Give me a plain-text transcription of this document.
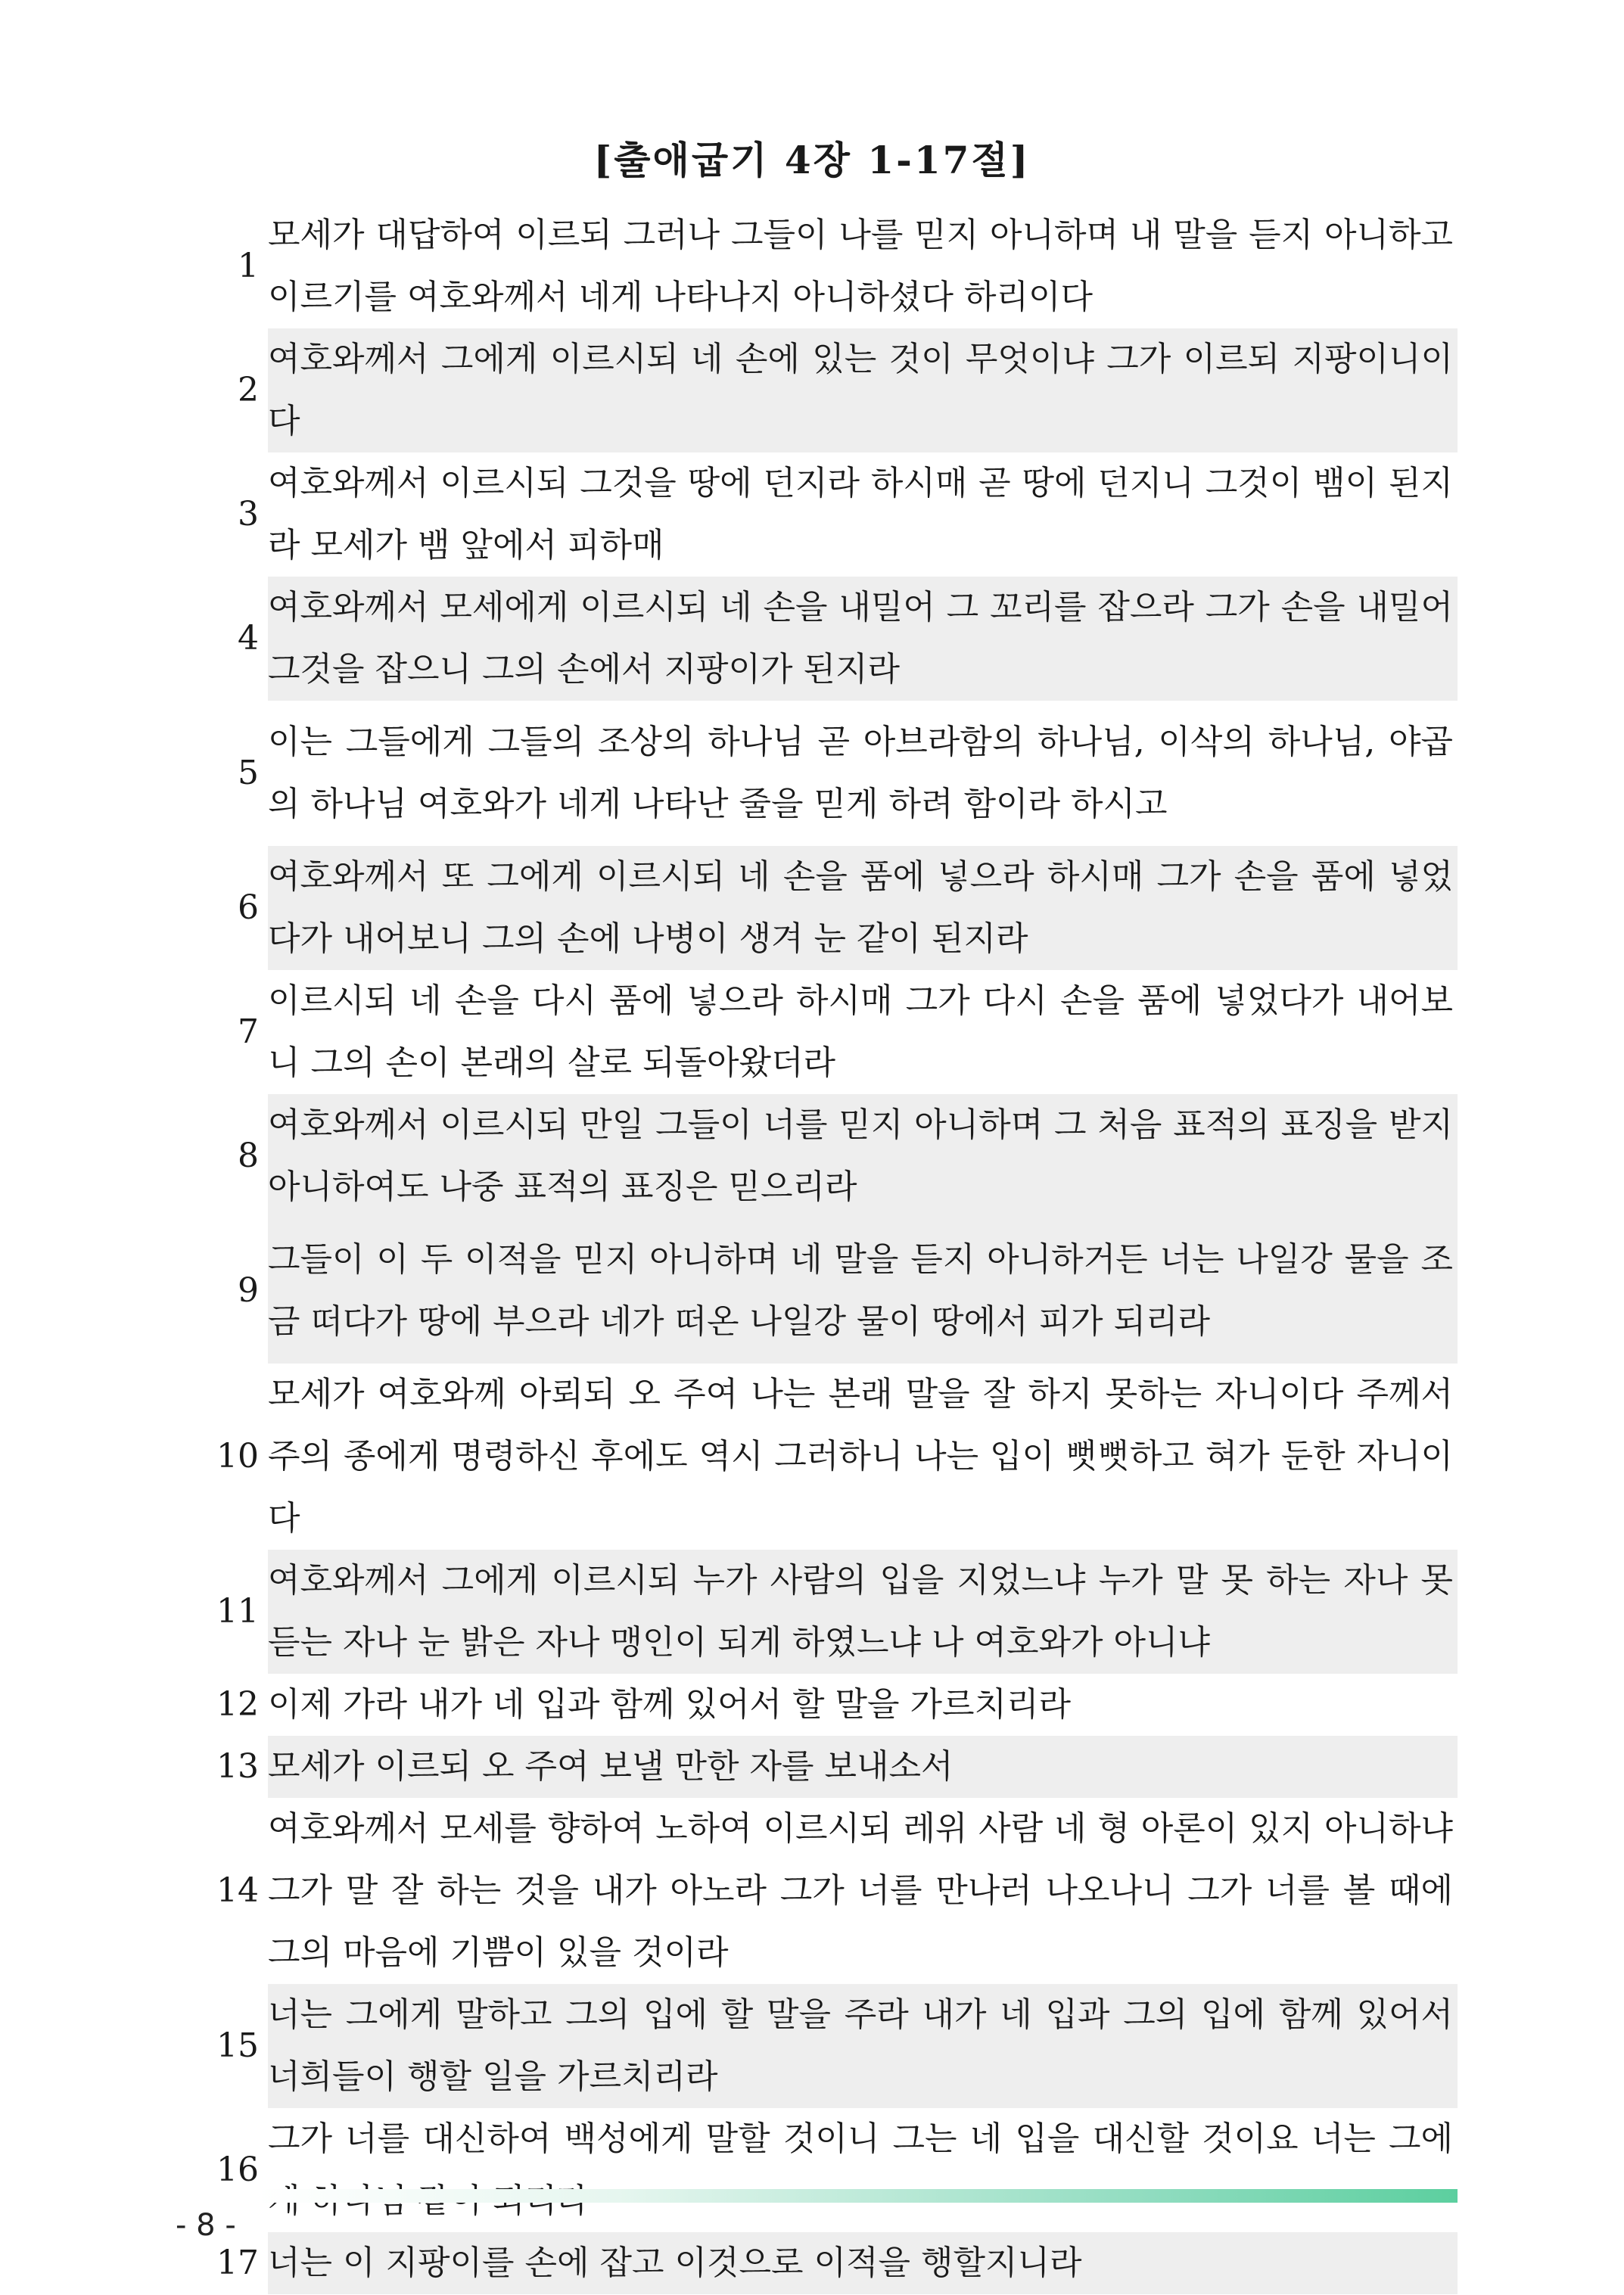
[출애굽기 4장 1-17절]
1	모세가 대답하여 이르되 그러나 그들이 나를 믿지 아니하며 내 말을 듣지 아니하고 이르기를 여호와께서 네게 나타나지 아니하셨다 하리이다
2	여호와께서 그에게 이르시되 네 손에 있는 것이 무엇이냐 그가 이르되 지팡이니이다
3	여호와께서 이르시되 그것을 땅에 던지라 하시매 곧 땅에 던지니 그것이 뱀이 된지라 모세가 뱀 앞에서 피하매
4	여호와께서 모세에게 이르시되 네 손을 내밀어 그 꼬리를 잡으라 그가 손을 내밀어 그것을 잡으니 그의 손에서 지팡이가 된지라
5	이는 그들에게 그들의 조상의 하나님 곧 아브라함의 하나님, 이삭의 하나님, 야곱의 하나님 여호와가 네게 나타난 줄을 믿게 하려 함이라 하시고
6	여호와께서 또 그에게 이르시되 네 손을 품에 넣으라 하시매 그가 손을 품에 넣었다가 내어보니 그의 손에 나병이 생겨 눈 같이 된지라
7	이르시되 네 손을 다시 품에 넣으라 하시매 그가 다시 손을 품에 넣었다가 내어보니 그의 손이 본래의 살로 되돌아왔더라
8	여호와께서 이르시되 만일 그들이 너를 믿지 아니하며 그 처음 표적의 표징을 받지 아니하여도 나중 표적의 표징은 믿으리라
9	그들이 이 두 이적을 믿지 아니하며 네 말을 듣지 아니하거든 너는 나일강 물을 조금 떠다가 땅에 부으라 네가 떠온 나일강 물이 땅에서 피가 되리라
10	모세가 여호와께 아뢰되 오 주여 나는 본래 말을 잘 하지 못하는 자니이다 주께서 주의 종에게 명령하신 후에도 역시 그러하니 나는 입이 뻣뻣하고 혀가 둔한 자니이다
11	여호와께서 그에게 이르시되 누가 사람의 입을 지었느냐 누가 말 못 하는 자나 못 듣는 자나 눈 밝은 자나 맹인이 되게 하였느냐 나 여호와가 아니냐
12	이제 가라 내가 네 입과 함께 있어서 할 말을 가르치리라
13	모세가 이르되 오 주여 보낼 만한 자를 보내소서
14	여호와께서 모세를 향하여 노하여 이르시되 레위 사람 네 형 아론이 있지 아니하냐 그가 말 잘 하는 것을 내가 아노라 그가 너를 만나러 나오나니 그가 너를 볼 때에 그의 마음에 기쁨이 있을 것이라
15	너는 그에게 말하고 그의 입에 할 말을 주라 내가 네 입과 그의 입에 함께 있어서 너희들이 행할 일을 가르치리라
16	그가 너를 대신하여 백성에게 말할 것이니 그는 네 입을 대신할 것이요 너는 그에
17	너는 이 지팡이를 손에 잡고 이것으로 이적을 행할지니라
- 8 -
